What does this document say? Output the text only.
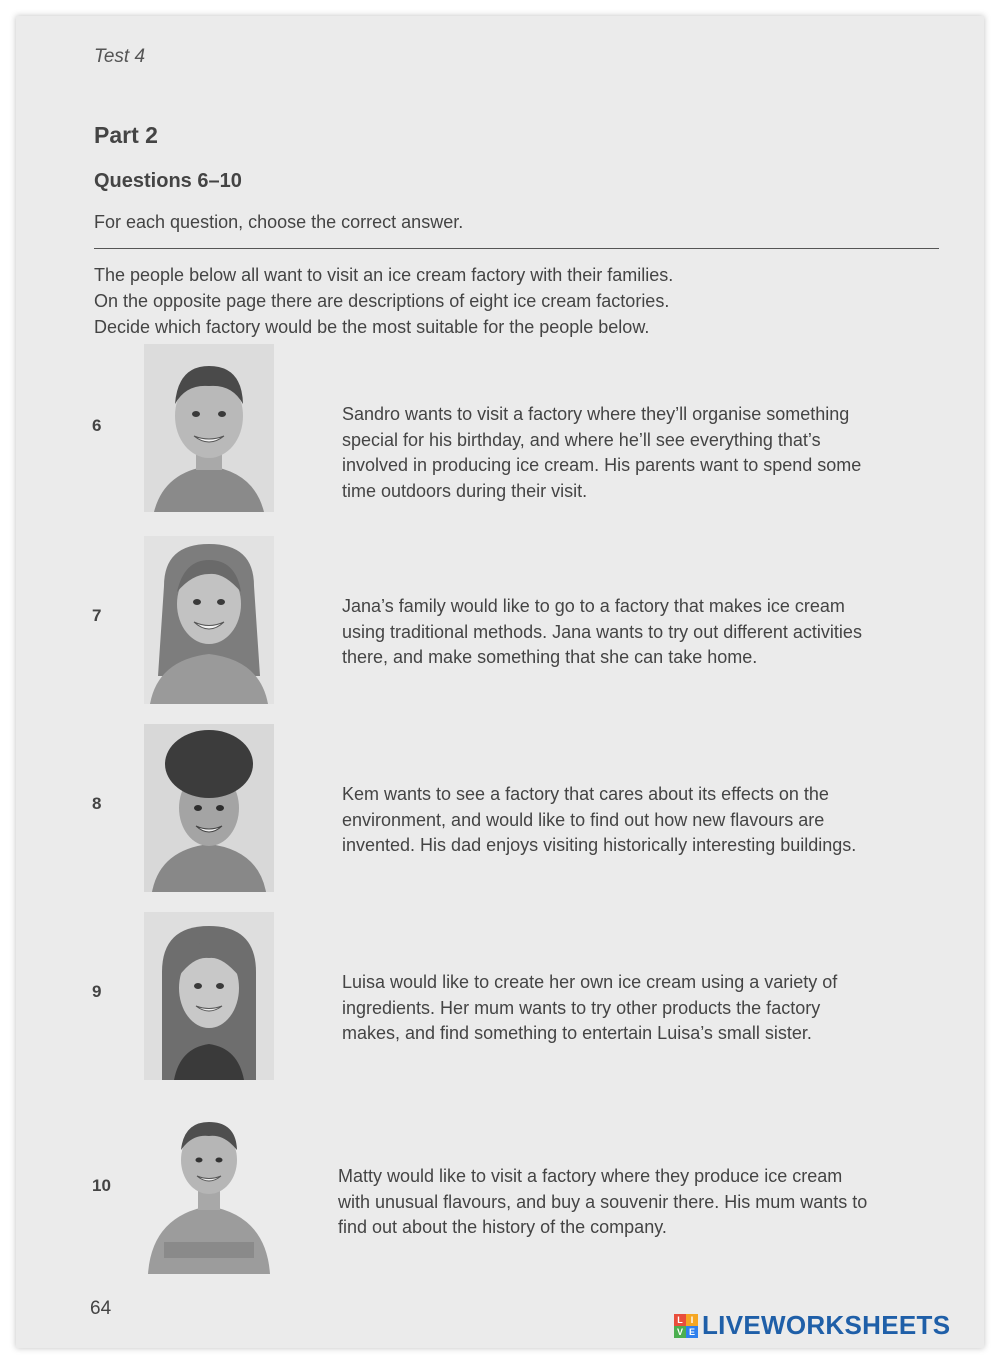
Test 4
Part 2
Questions 6–10
For each question, choose the correct answer.
The people below all want to visit an ice cream factory with their families.
On the opposite page there are descriptions of eight ice cream factories.
Decide which factory would be the most suitable for the people below.
6
Sandro wants to visit a factory where they’ll organise something
special for his birthday, and where he’ll see everything that’s
involved in producing ice cream. His parents want to spend some
time outdoors during their visit.
7	Jana’s family would like to go to a factory that makes ice cream
using traditional methods. Jana wants to try out different activities
there, and make something that she can take home.
8	Kem wants to see a factory that cares about its effects on the
environment, and would like to find out how new flavours are
invented. His dad enjoys visiting historically interesting buildings.
9	Luisa would like to create her own ice cream using a variety of
ingredients. Her mum wants to try other products the factory
makes, and find something to entertain Luisa’s small sister.
10	Matty would like to visit a factory where they produce ice cream
with unusual flavours, and buy a souvenir there. His mum wants to
find out about the history of the company.
64
L I
V E LIVEWORKSHEETS
